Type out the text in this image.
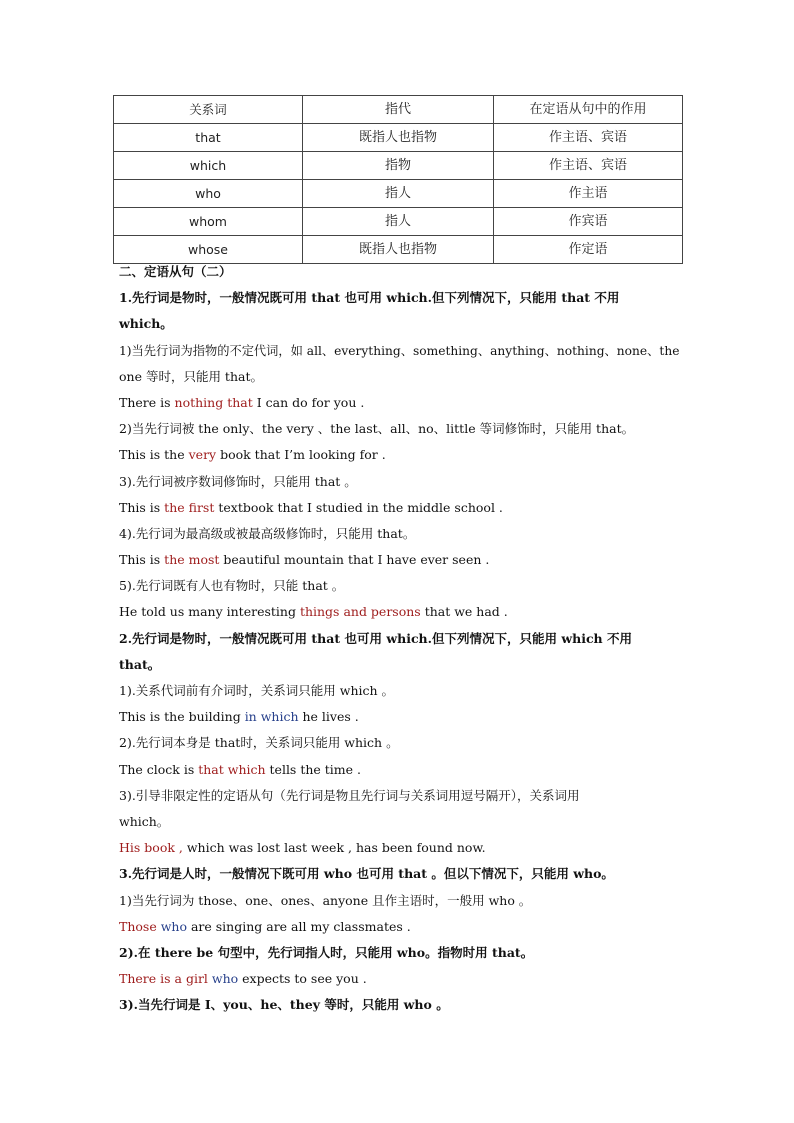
关系词	指代	在定语从句中的作用
that	既指人也指物	作主语、宾语
which	指物	作主语、宾语
who	指人	作主语
whom	指人	作宾语
whose	既指人也指物	作定语

二、定语从句（二）

1.先行词是物时，一般情况既可用 that 也可用 which.但下列情况下，只能用 that 不用

which。

1)当先行词为指物的不定代词，如 all、everything、something、anything、nothing、none、the

one 等时，只能用 that。

There is nothing that I can do for you .

2)当先行词被 the only、the very 、the last、all、no、little 等词修饰时，只能用 that。

This is the very book that I’m looking for .

3).先行词被序数词修饰时，只能用 that 。

This is the first textbook that I studied in the middle school .

4).先行词为最高级或被最高级修饰时，只能用 that。

This is the most beautiful mountain that I have ever seen .

5).先行词既有人也有物时，只能 that 。

He told us many interesting things and persons that we had .

2.先行词是物时，一般情况既可用 that 也可用 which.但下列情况下，只能用 which 不用

that。

1).关系代词前有介词时，关系词只能用 which 。

This is the building in which he lives .

2).先行词本身是 that时，关系词只能用 which 。

The clock is that which tells the time .

3).引导非限定性的定语从句（先行词是物且先行词与关系词用逗号隔开），关系词用

which。

His book , which was lost last week , has been found now.

3.先行词是人时，一般情况下既可用 who 也可用 that 。但以下情况下，只能用 who。

1)当先行词为 those、one、ones、anyone 且作主语时，一般用 who 。

Those who are singing are all my classmates .

2).在 there be 句型中，先行词指人时，只能用 who。指物时用 that。

There is a girl who expects to see you .

3).当先行词是 I、you、he、they 等时，只能用 who 。
